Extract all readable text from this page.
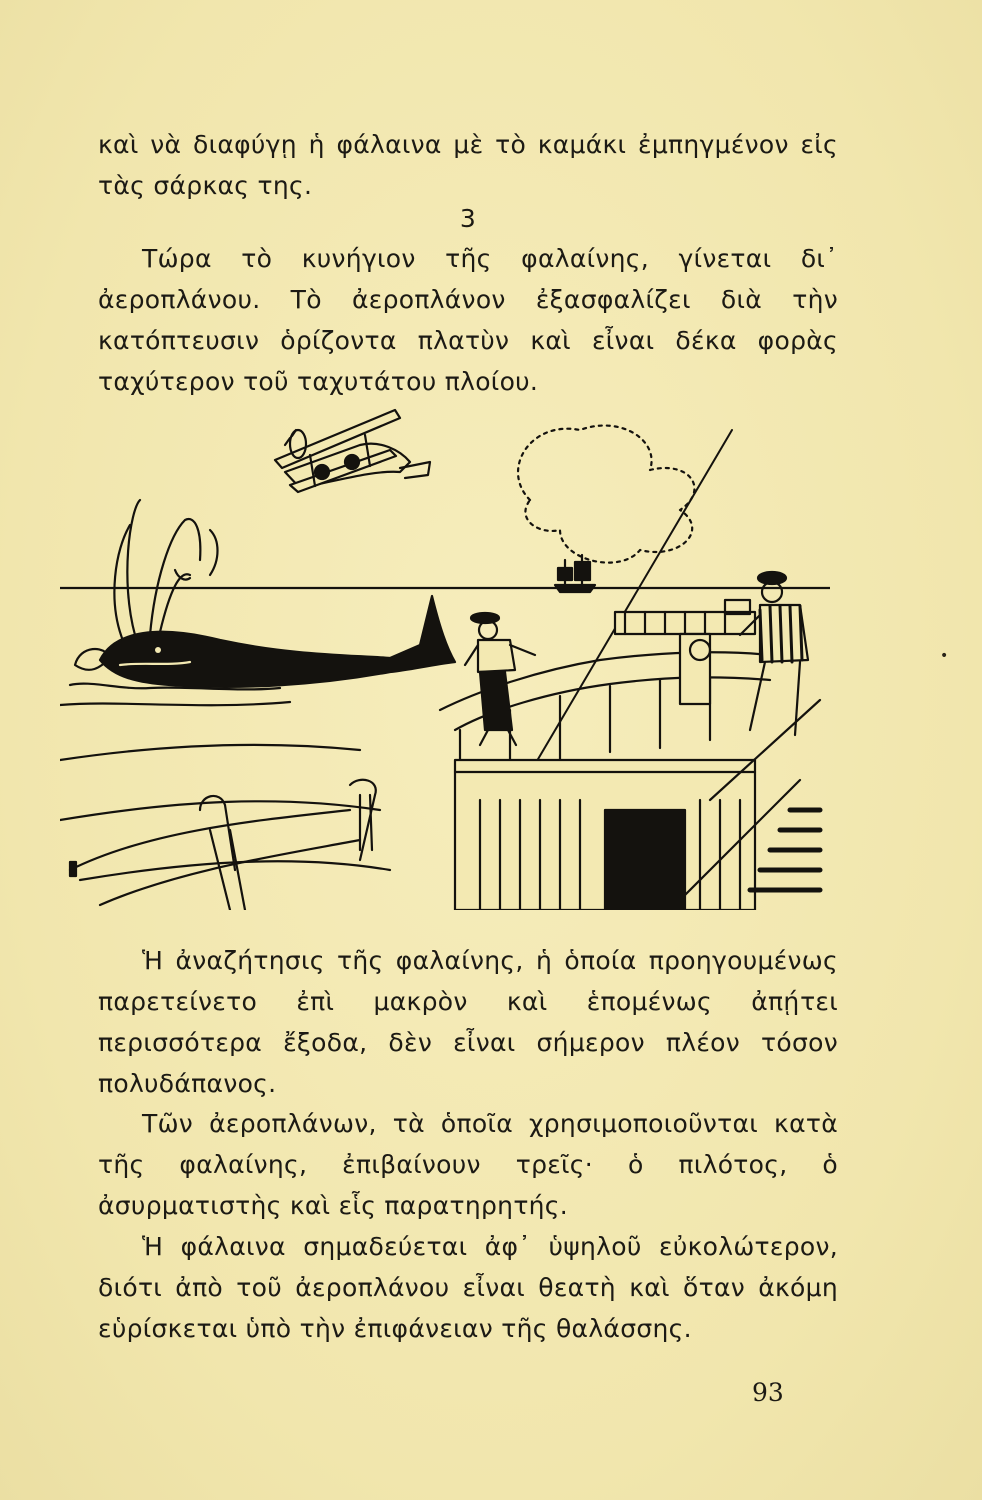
καὶ νὰ διαφύγῃ ἡ φάλαινα μὲ τὸ καμάκι ἐμπηγμένον εἰς τὰς σάρκας της.

3

Τώρα τὸ κυνήγιον τῆς φαλαίνης, γίνεται δι᾿ ἀεροπλάνου. Τὸ ἀεροπλάνον ἐξασφαλίζει διὰ τὴν κατόπτευσιν ὁρίζοντα πλατὺν καὶ εἶναι δέκα φορὰς ταχύτερον τοῦ ταχυτάτου πλοίου.

Ἡ ἀναζήτησις τῆς φαλαίνης, ἡ ὁποία προηγουμένως παρετείνετο ἐπὶ μακρὸν καὶ ἑπομένως ἀπῄτει περισσότερα ἔξοδα, δὲν εἶναι σήμερον πλέον τόσον πολυδάπανος.

Τῶν ἀεροπλάνων, τὰ ὁποῖα χρησιμοποιοῦνται κατὰ τῆς φαλαίνης, ἐπιβαίνουν τρεῖς· ὁ πιλότος, ὁ ἀσυρματιστὴς καὶ εἷς παρατηρητής.

Ἡ φάλαινα σημαδεύεται ἀφ᾿ ὑψηλοῦ εὐκολώτερον, διότι ἀπὸ τοῦ ἀεροπλάνου εἶναι θεατὴ καὶ ὅταν ἀκόμη εὑρίσκεται ὑπὸ τὴν ἐπιφάνειαν τῆς θαλάσσης.

93
•
